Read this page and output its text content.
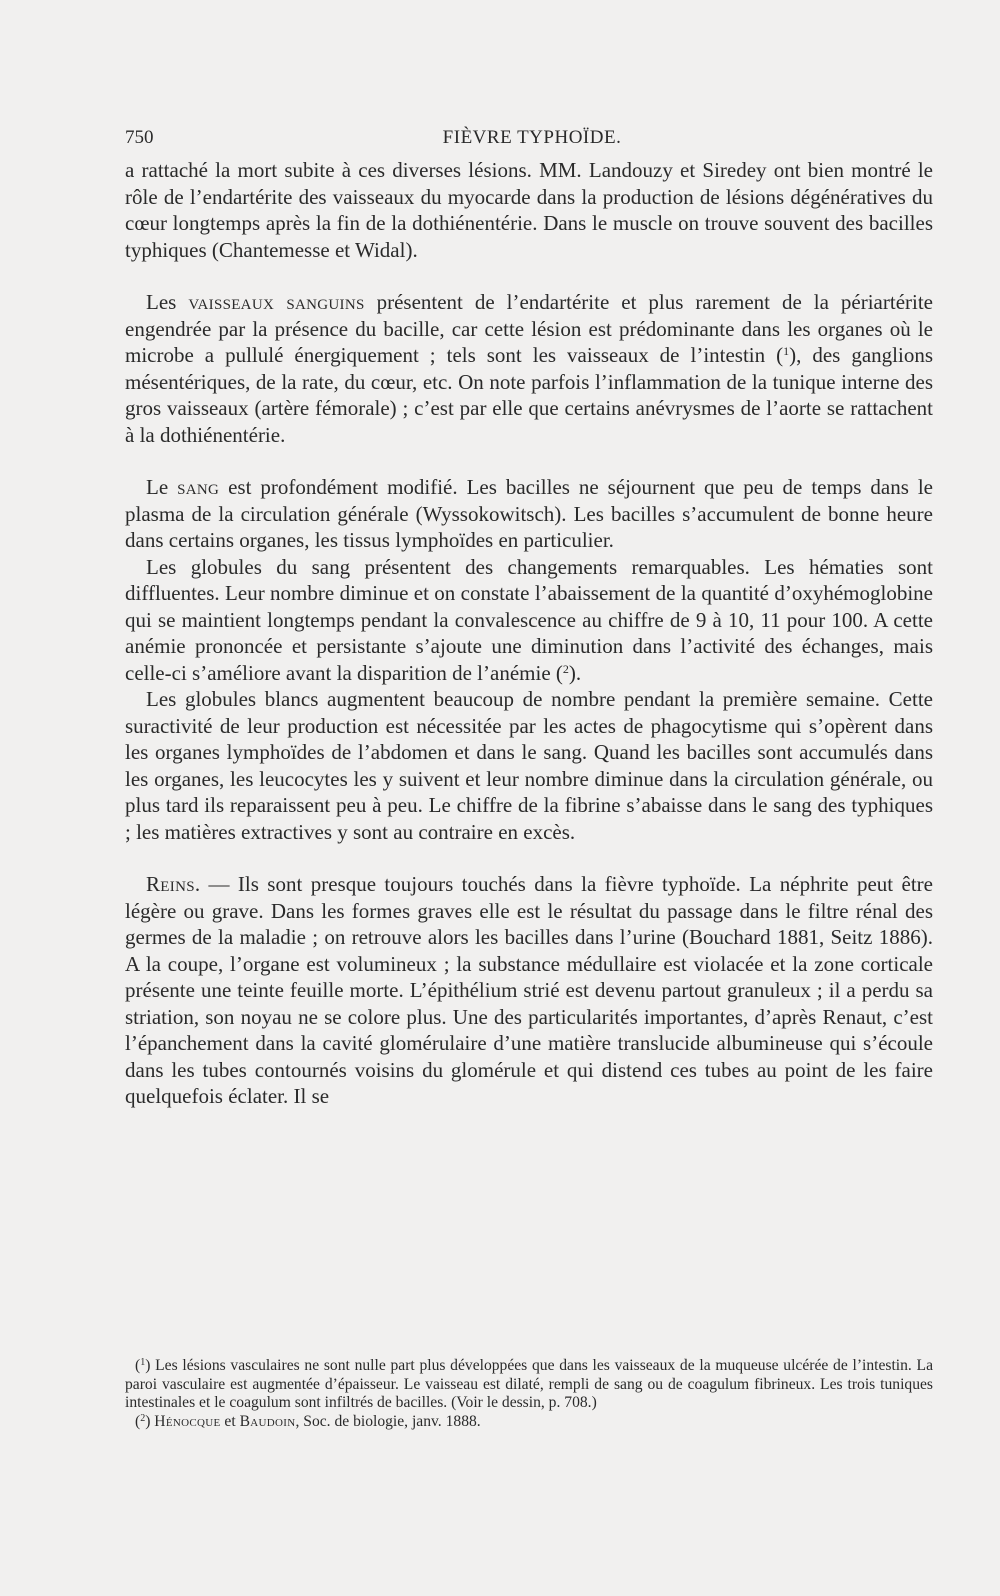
750	FIÈVRE TYPHOÏDE.

a rattaché la mort subite à ces diverses lésions. MM. Landouzy et Siredey ont bien montré le rôle de l’endartérite des vaisseaux du myocarde dans la production de lésions dégénératives du cœur longtemps après la fin de la dothiénentérie. Dans le muscle on trouve souvent des bacilles typhiques (Chantemesse et Widal).

Les vaisseaux sanguins présentent de l’endartérite et plus rarement de la périartérite engendrée par la présence du bacille, car cette lésion est prédominante dans les organes où le microbe a pullulé énergiquement ; tels sont les vaisseaux de l’intestin ($^1$), des ganglions mésentériques, de la rate, du cœur, etc. On note parfois l’inflammation de la tunique interne des gros vaisseaux (artère fémorale) ; c’est par elle que certains anévrysmes de l’aorte se rattachent à la dothiénentérie.

Le sang est profondément modifié. Les bacilles ne séjournent que peu de temps dans le plasma de la circulation générale (Wyssokowitsch). Les bacilles s’accumulent de bonne heure dans certains organes, les tissus lymphoïdes en particulier.

Les globules du sang présentent des changements remarquables. Les hématies sont diffluentes. Leur nombre diminue et on constate l’abaissement de la quantité d’oxyhémoglobine qui se maintient longtemps pendant la convalescence au chiffre de 9 à 10, 11 pour 100. A cette anémie prononcée et persistante s’ajoute une diminution dans l’activité des échanges, mais celle-ci s’améliore avant la disparition de l’anémie ($^2$).

Les globules blancs augmentent beaucoup de nombre pendant la première semaine. Cette suractivité de leur production est nécessitée par les actes de phagocytisme qui s’opèrent dans les organes lymphoïdes de l’abdomen et dans le sang. Quand les bacilles sont accumulés dans les organes, les leucocytes les y suivent et leur nombre diminue dans la circulation générale, ou plus tard ils reparaissent peu à peu. Le chiffre de la fibrine s’abaisse dans le sang des typhiques ; les matières extractives y sont au contraire en excès.

Reins. — Ils sont presque toujours touchés dans la fièvre typhoïde. La néphrite peut être légère ou grave. Dans les formes graves elle est le résultat du passage dans le filtre rénal des germes de la maladie ; on retrouve alors les bacilles dans l’urine (Bouchard 1881, Seitz 1886). A la coupe, l’organe est volumineux ; la substance médullaire est violacée et la zone corticale présente une teinte feuille morte. L’épithélium strié est devenu partout granuleux ; il a perdu sa striation, son noyau ne se colore plus. Une des particularités importantes, d’après Renaut, c’est l’épanchement dans la cavité glomérulaire d’une matière translucide albumineuse qui s’écoule dans les tubes contournés voisins du glomérule et qui distend ces tubes au point de les faire quelquefois éclater. Il se

($^1$) Les lésions vasculaires ne sont nulle part plus développées que dans les vaisseaux de la muqueuse ulcérée de l’intestin. La paroi vasculaire est augmentée d’épaisseur. Le vaisseau est dilaté, rempli de sang ou de coagulum fibrineux. Les trois tuniques intestinales et le coagulum sont infiltrés de bacilles. (Voir le dessin, p. 708.)

($^2$) Hénocque et Baudoin, Soc. de biologie, janv. 1888.
